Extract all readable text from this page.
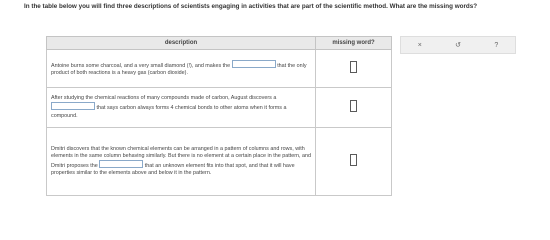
In the table below you will find three descriptions of scientists engaging in activities that are part of the scientific method. What are the missing words?
description	missing word?
Antoine burns some charcoal, and a very small diamond (!), and makes the that the only product of both reactions is a heavy gas (carbon dioxide).	
After studying the chemical reactions of many compounds made of carbon, August discovers a  that says carbon always forms 4 chemical bonds to other atoms when it forms a compound.	
Dmitri discovers that the known chemical elements can be arranged in a pattern of columns and rows, with elements in the same column behaving similarly. But there is no element at a certain place in the pattern, and Dmitri proposes the that an unknown element fits into that spot, and that it will have properties similar to the elements above and below it in the pattern.	
×	↺	?
